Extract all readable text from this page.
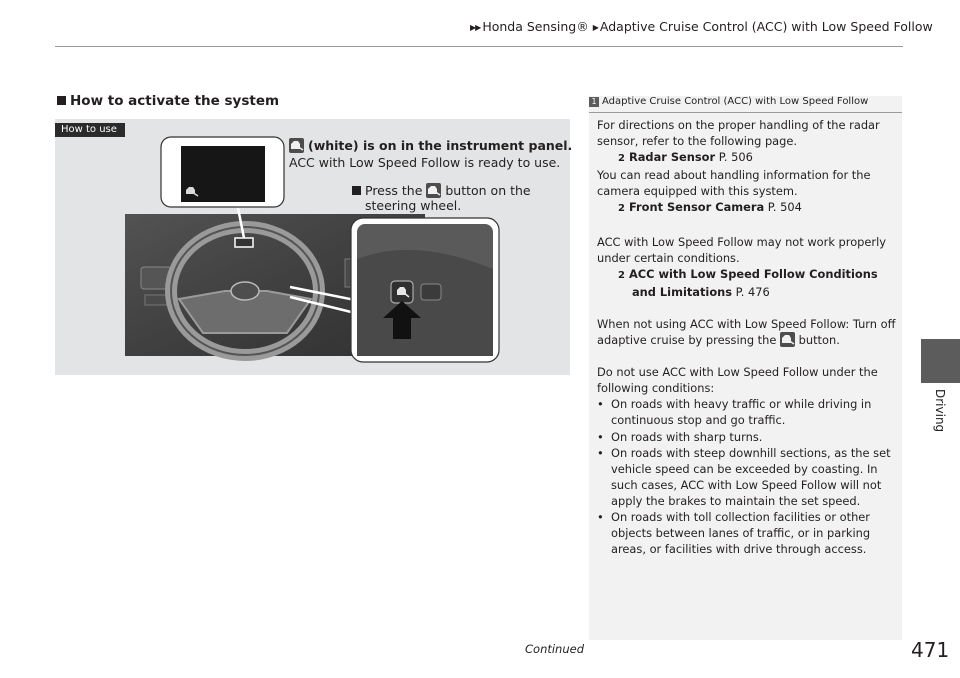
▶▶ Honda Sensing® ▶ Adaptive Cruise Control (ACC) with Low Speed Follow
Driving
How to activate the system
How to use
(white) is on in the instrument panel.
ACC with Low Speed Follow is ready to use.
Press the button on the
steering wheel.
1 Adaptive Cruise Control (ACC) with Low Speed Follow

For directions on the proper handling of the radar sensor, refer to the following page.

2 Radar Sensor P. 506

You can read about handling information for the camera equipped with this system.

2 Front Sensor Camera P. 504

ACC with Low Speed Follow may not work properly under certain conditions.

2 ACC with Low Speed Follow Conditions
and Limitations P. 476

When not using ACC with Low Speed Follow: Turn off adaptive cruise by pressing the button.

Do not use ACC with Low Speed Follow under the following conditions:

• On roads with heavy traffic or while driving in continuous stop and go traffic.

• On roads with sharp turns.

• On roads with steep downhill sections, as the set vehicle speed can be exceeded by coasting. In such cases, ACC with Low Speed Follow will not apply the brakes to maintain the set speed.

• On roads with toll collection facilities or other objects between lanes of traffic, or in parking areas, or facilities with drive through access.

Continued	471
